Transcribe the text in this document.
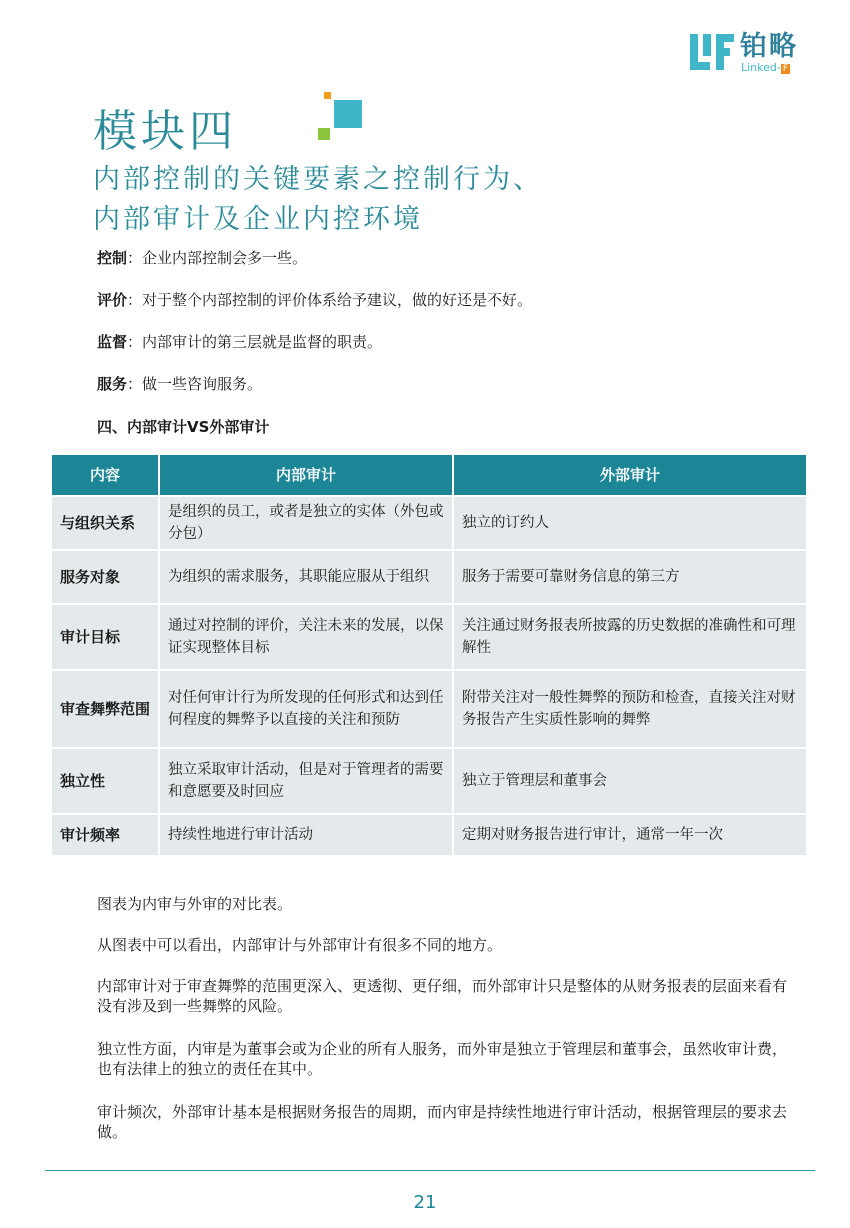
铂略
Linked- F
模块四
内部控制的关键要素之控制行为、
内部审计及企业内控环境

控制：企业内部控制会多一些。

评价：对于整个内部控制的评价体系给予建议，做的好还是不好。

监督：内部审计的第三层就是监督的职责。

服务：做一些咨询服务。

四、内部审计VS外部审计

内容	内部审计	外部审计
与组织关系	是组织的员工，或者是独立的实体（外包或分包）	独立的订约人
服务对象	为组织的需求服务，其职能应服从于组织	服务于需要可靠财务信息的第三方
审计目标	通过对控制的评价，关注未来的发展，以保证实现整体目标	关注通过财务报表所披露的历史数据的准确性和可理解性
审查舞弊范围	对任何审计行为所发现的任何形式和达到任何程度的舞弊予以直接的关注和预防	附带关注对一般性舞弊的预防和检查，直接关注对财务报告产生实质性影响的舞弊
独立性	独立采取审计活动，但是对于管理者的需要和意愿要及时回应	独立于管理层和董事会
审计频率	持续性地进行审计活动	定期对财务报告进行审计，通常一年一次

图表为内审与外审的对比表。

从图表中可以看出，内部审计与外部审计有很多不同的地方。

内部审计对于审查舞弊的范围更深入、更透彻、更仔细，而外部审计只是整体的从财务报表的层面来看有没有涉及到一些舞弊的风险。

独立性方面，内审是为董事会或为企业的所有人服务，而外审是独立于管理层和董事会，虽然收审计费，也有法律上的独立的责任在其中。

审计频次，外部审计基本是根据财务报告的周期，而内审是持续性地进行审计活动，根据管理层的要求去做。

21
